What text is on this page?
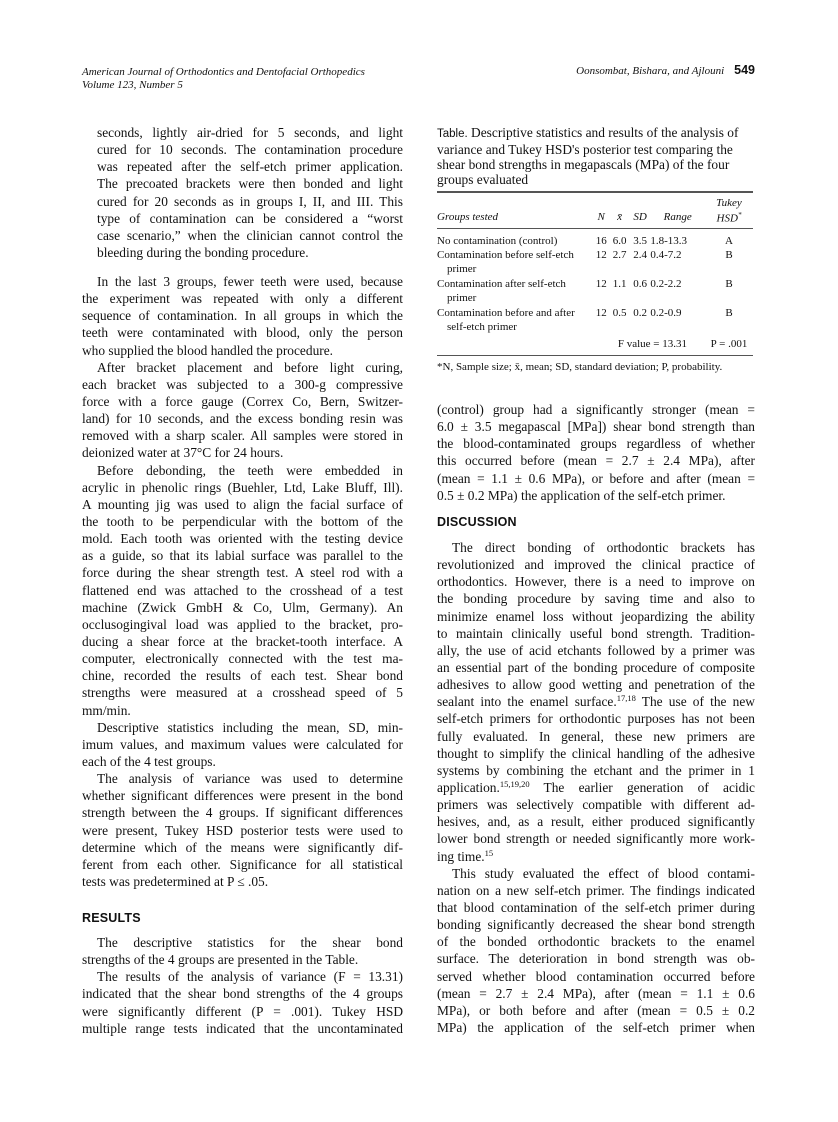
American Journal of Orthodontics and Dentofacial Orthopedics
Volume 123, Number 5
Oonsombat, Bishara, and Ajlouni 549
seconds, lightly air-dried for 5 seconds, and light
cured for 10 seconds. The contamination procedure
was repeated after the self-etch primer application.
The precoated brackets were then bonded and light
cured for 20 seconds as in groups I, II, and III. This
type of contamination can be considered a “worst
case scenario,” when the clinician cannot control the
bleeding during the bonding procedure.
In the last 3 groups, fewer teeth were used, because
the experiment was repeated with only a different
sequence of contamination. In all groups in which the
teeth were contaminated with blood, only the person
who supplied the blood handled the procedure.
After bracket placement and before light curing,
each bracket was subjected to a 300-g compressive
force with a force gauge (Correx Co, Bern, Switzer-
land) for 10 seconds, and the excess bonding resin was
removed with a sharp scaler. All samples were stored in
deionized water at 37°C for 24 hours.
Before debonding, the teeth were embedded in
acrylic in phenolic rings (Buehler, Ltd, Lake Bluff, Ill).
A mounting jig was used to align the facial surface of
the tooth to be perpendicular with the bottom of the
mold. Each tooth was oriented with the testing device
as a guide, so that its labial surface was parallel to the
force during the shear strength test. A steel rod with a
flattened end was attached to the crosshead of a test
machine (Zwick GmbH & Co, Ulm, Germany). An
occlusogingival load was applied to the bracket, pro-
ducing a shear force at the bracket-tooth interface. A
computer, electronically connected with the test ma-
chine, recorded the results of each test. Shear bond
strengths were measured at a crosshead speed of 5
mm/min.
Descriptive statistics including the mean, SD, min-
imum values, and maximum values were calculated for
each of the 4 test groups.
The analysis of variance was used to determine
whether significant differences were present in the bond
strength between the 4 groups. If significant differences
were present, Tukey HSD posterior tests were used to
determine which of the means were significantly dif-
ferent from each other. Significance for all statistical
tests was predetermined at P ≤ .05.
RESULTS
The descriptive statistics for the shear bond
strengths of the 4 groups are presented in the Table.
The results of the analysis of variance (F = 13.31)
indicated that the shear bond strengths of the 4 groups
were significantly different (P = .001). Tukey HSD
multiple range tests indicated that the uncontaminated
Table. Descriptive statistics and results of the analysis of variance and Tukey HSD's posterior test comparing the shear bond strengths in megapascals (MPa) of the four groups evaluated
Groups tested	N	x̄	SD	Range	Tukey HSD*
No contamination (control)	16	6.0	3.5	1.8-13.3	A
Contamination before self-etch primer	12	2.7	2.4	0.4-7.2	B
Contamination after self-etch primer	12	1.1	0.6	0.2-2.2	B
Contamination before and after self-etch primer	12	0.5	0.2	0.2-0.9	B
	F value = 13.31				P = .001
*N, Sample size; x̄, mean; SD, standard deviation; P, probability.
(control) group had a significantly stronger (mean =
6.0 ± 3.5 megapascal [MPa]) shear bond strength than
the blood-contaminated groups regardless of whether
this occurred before (mean = 2.7 ± 2.4 MPa), after
(mean = 1.1 ± 0.6 MPa), or before and after (mean =
0.5 ± 0.2 MPa) the application of the self-etch primer.
DISCUSSION
The direct bonding of orthodontic brackets has
revolutionized and improved the clinical practice of
orthodontics. However, there is a need to improve on
the bonding procedure by saving time and also to
minimize enamel loss without jeopardizing the ability
to maintain clinically useful bond strength. Tradition-
ally, the use of acid etchants followed by a primer was
an essential part of the bonding procedure of composite
adhesives to allow good wetting and penetration of the
sealant into the enamel surface.$^{17,18}$ The use of the new
self-etch primers for orthodontic purposes has not been
fully evaluated. In general, these new primers are
thought to simplify the clinical handling of the adhesive
systems by combining the etchant and the primer in 1
application.$^{15,19,20}$ The earlier generation of acidic
primers was selectively compatible with different ad-
hesives, and, as a result, either produced significantly
lower bond strength or needed significantly more work-
ing time.$^{15}$
This study evaluated the effect of blood contami-
nation on a new self-etch primer. The findings indicated
that blood contamination of the self-etch primer during
bonding significantly decreased the shear bond strength
of the bonded orthodontic brackets to the enamel
surface. The deterioration in bond strength was ob-
served whether blood contamination occurred before
(mean = 2.7 ± 2.4 MPa), after (mean = 1.1 ± 0.6
MPa), or both before and after (mean = 0.5 ± 0.2
MPa) the application of the self-etch primer when
